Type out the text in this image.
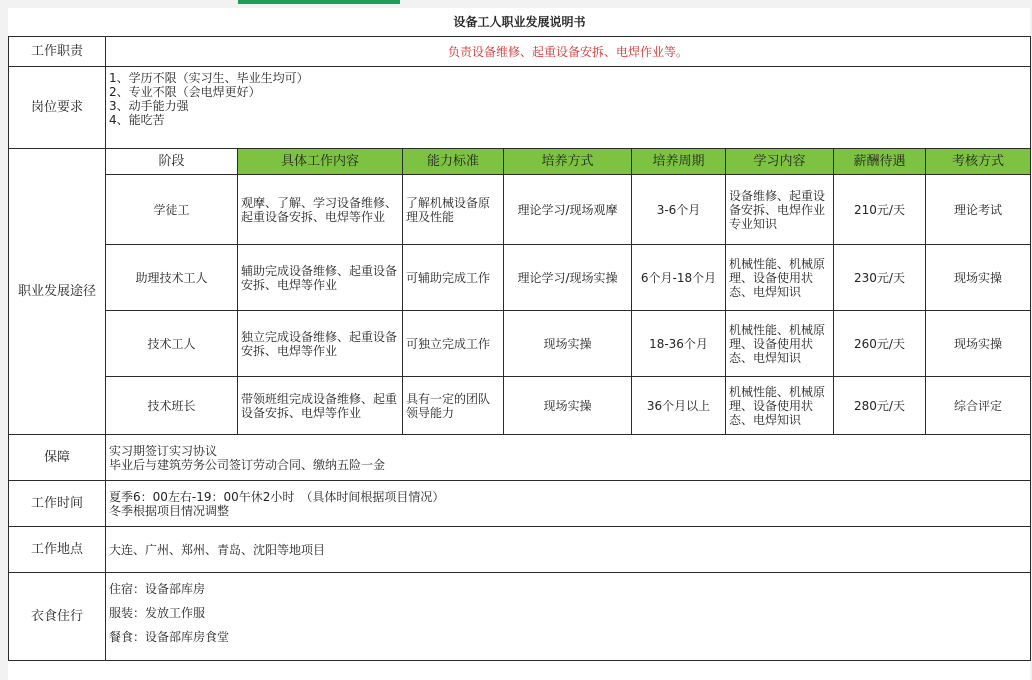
设备工人职业发展说明书								
工作职责	负责设备维修、起重设备安拆、电焊作业等。							
岗位要求	1、学历不限（实习生、毕业生均可）
2、专业不限（会电焊更好）
3、动手能力强
4、能吃苦							

职业发展途径	阶段	具体工作内容	能力标准	培养方式	培养周期	学习内容	薪酬待遇	考核方式
	学徒工	观摩、了解、学习设备维修、起重设备安拆、电焊等作业	了解机械设备原理及性能	理论学习/现场观摩	3-6个月	设备维修、起重设备安拆、电焊作业专业知识	210元/天	理论考试
	助理技术工人	辅助完成设备维修、起重设备安拆、电焊等作业	可辅助完成工作	理论学习/现场实操	6个月-18个月	机械性能、机械原理、设备使用状态、电焊知识	230元/天	现场实操
	技术工人	独立完成设备维修、起重设备安拆、电焊等作业	可独立完成工作	现场实操	18-36个月	机械性能、机械原理、设备使用状态、电焊知识	260元/天	现场实操
	技术班长	带领班组完成设备维修、起重设备安拆、电焊等作业	具有一定的团队领导能力	现场实操	36个月以上	机械性能、机械原理、设备使用状态、电焊知识	280元/天	综合评定
保障	实习期签订实习协议
毕业后与建筑劳务公司签订劳动合同、缴纳五险一金							

工作时间	夏季6：00左右-19：00午休2小时　（具体时间根据项目情况）
冬季根据项目情况调整							

工作地点	大连、广州、郑州、青岛、沈阳等地项目							
衣食住行	住宿：设备部库房
服装：发放工作服
餐食：设备部库房食堂							
